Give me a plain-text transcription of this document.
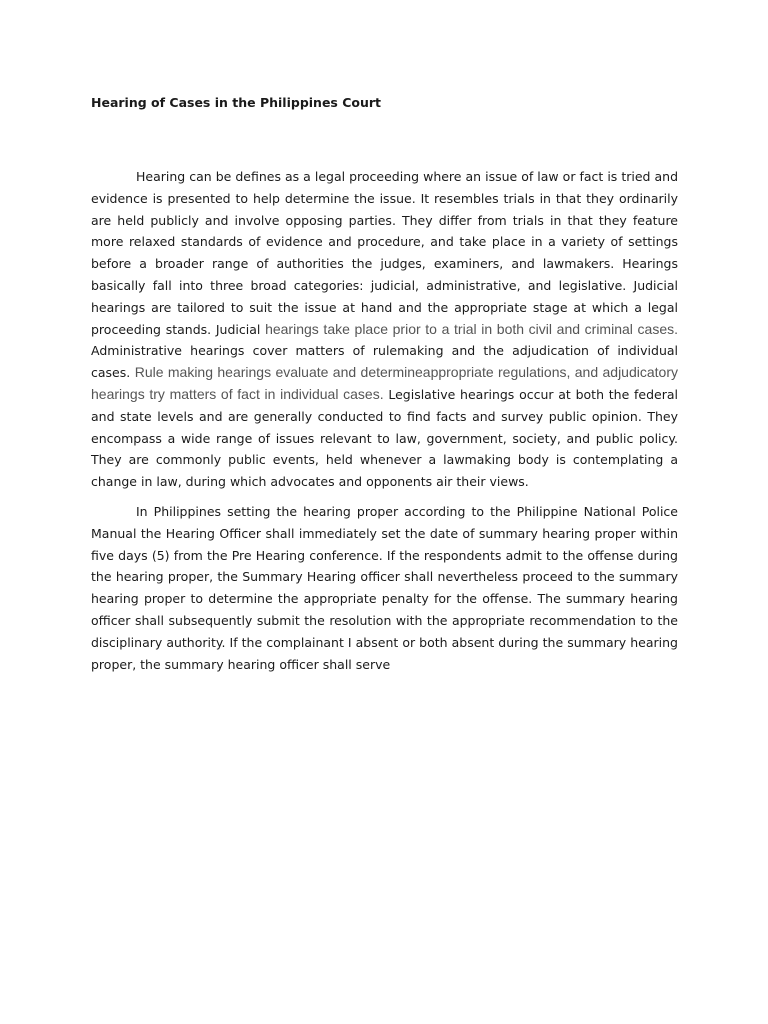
Hearing of Cases in the Philippines Court

Hearing can be defines as a legal proceeding where an issue of law or fact is tried and evidence is presented to help determine the issue. It resembles trials in that they ordinarily are held publicly and involve opposing parties. They differ from trials in that they feature more relaxed standards of evidence and procedure, and take place in a variety of settings before a broader range of authorities the judges, examiners, and lawmakers. Hearings basically fall into three broad categories: judicial, administrative, and legislative. Judicial hearings are tailored to suit the issue at hand and the appropriate stage at which a legal proceeding stands. Judicial hearings take place prior to a trial in both civil and criminal cases. Administrative hearings cover matters of rulemaking and the adjudication of individual cases. Rule making hearings evaluate and determineappropriate regulations, and adjudicatory hearings try matters of fact in individual cases. Legislative hearings occur at both the federal and state levels and are generally conducted to find facts and survey public opinion. They encompass a wide range of issues relevant to law, government, society, and public policy. They are commonly public events, held whenever a lawmaking body is contemplating a change in law, during which advocates and opponents air their views.

In Philippines setting the hearing proper according to the Philippine National Police Manual the Hearing Officer shall immediately set the date of summary hearing proper within five days (5) from the Pre Hearing conference. If the respondents admit to the offense during the hearing proper, the Summary Hearing officer shall nevertheless proceed to the summary hearing proper to determine the appropriate penalty for the offense. The summary hearing officer shall subsequently submit the resolution with the appropriate recommendation to the disciplinary authority. If the complainant I absent or both absent during the summary hearing proper, the summary hearing officer shall serve
